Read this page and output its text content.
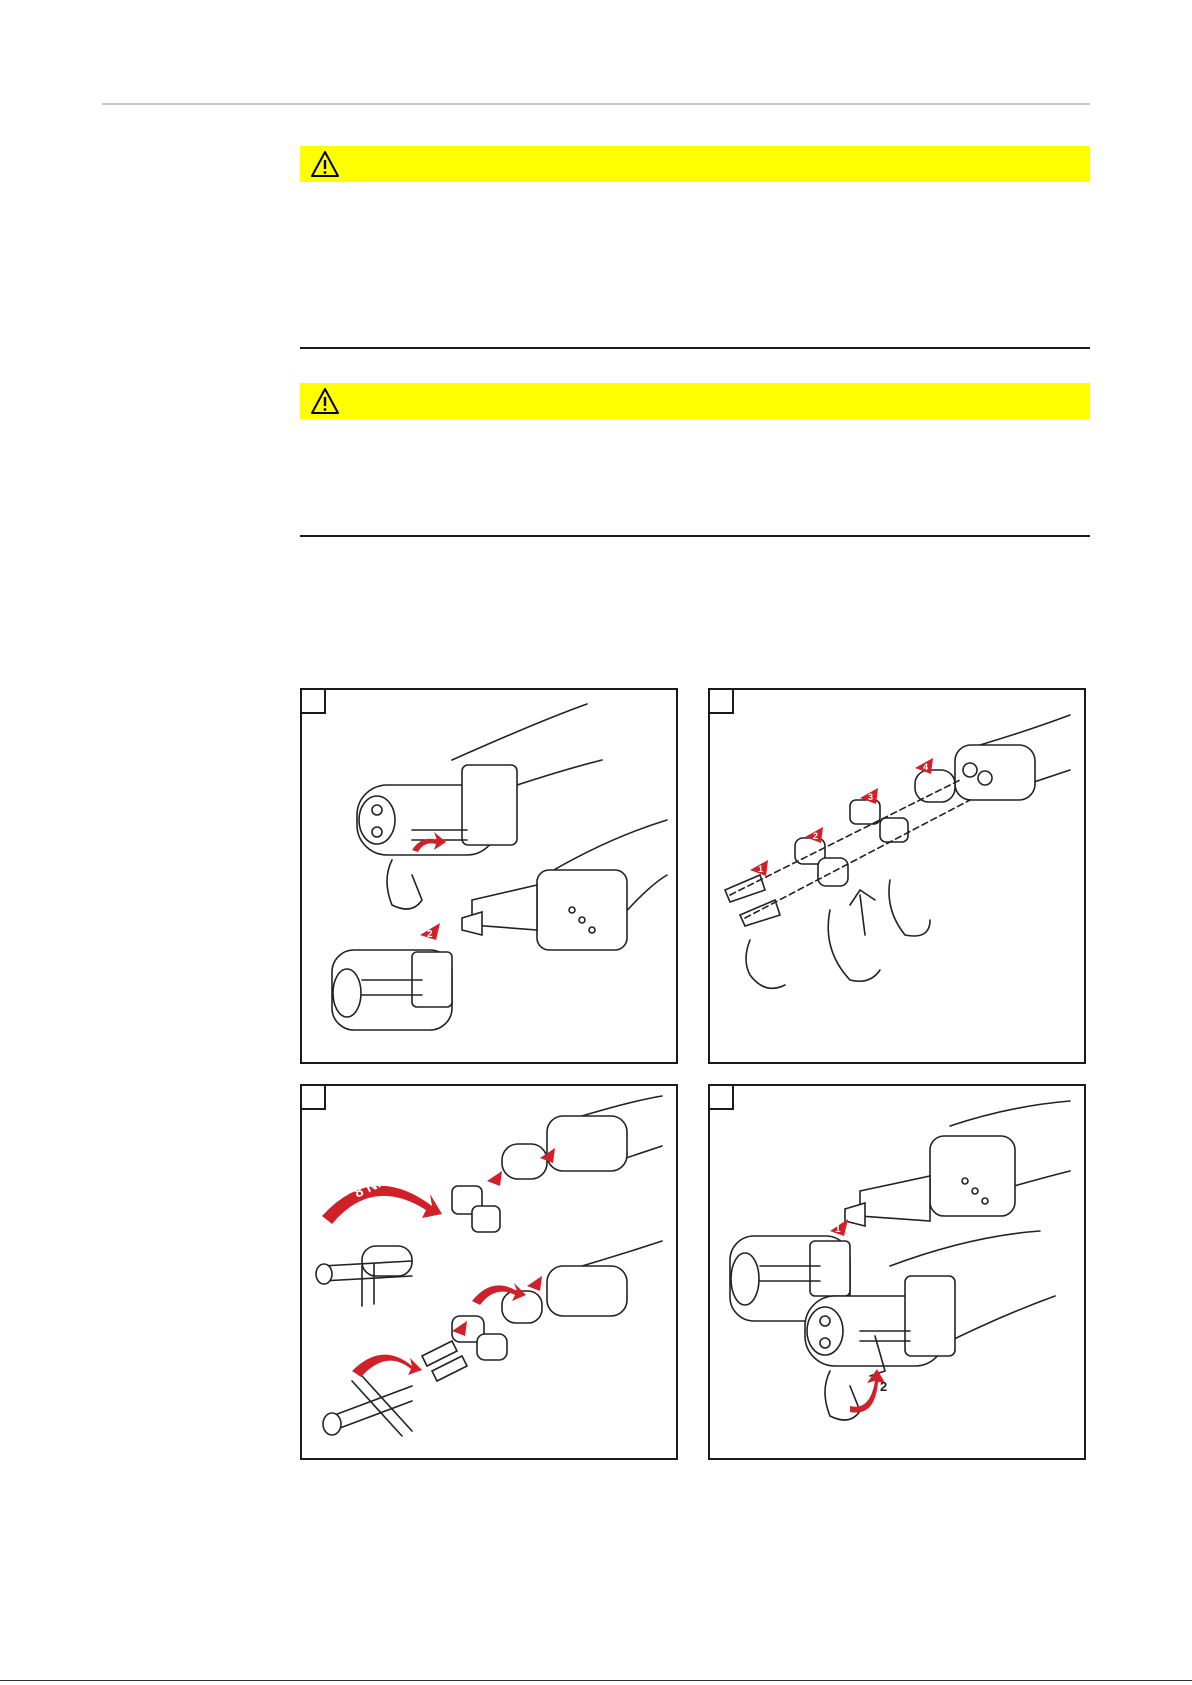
1
2
1
2
3
4
8 Nm
1
2
